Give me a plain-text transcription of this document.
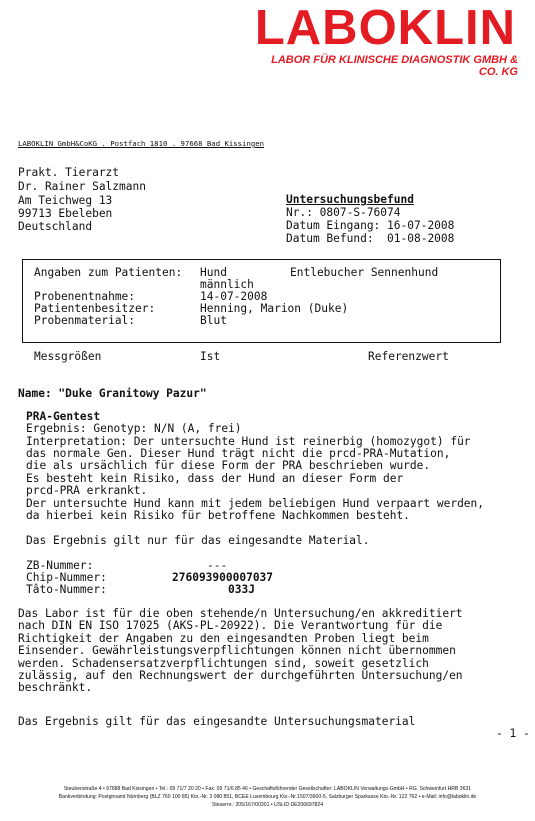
LABOKLIN
LABOR FÜR KLINISCHE DIAGNOSTIK GMBH & CO. KG
LABOKLIN GmbH&CoKG . Postfach 1810 . 97668 Bad Kissingen
Prakt. Tierarzt
Dr. Rainer Salzmann
Am Teichweg 13
99713 Ebeleben
Deutschland
Untersuchungsbefund
Nr.: 0807-S-76074
Datum Eingang: 16-07-2008
Datum Befund:  01-08-2008
Angaben zum Patienten: Hund	Entlebucher Sennenhund
männlich
Probenentnahme:	14-07-2008
Patientenbesitzer:	Henning, Marion (Duke)
Probenmaterial:	Blut
Messgrößen	Ist	Referenzwert
Name: "Duke Granitowy Pazur"
PRA-Gentest
Ergebnis: Genotyp: N/N (A, frei)
Interpretation: Der untersuchte Hund ist reinerbig (homozygot) für
das normale Gen. Dieser Hund trägt nicht die prcd-PRA-Mutation,
die als ursächlich für diese Form der PRA beschrieben wurde.
Es besteht kein Risiko, dass der Hund an dieser Form der
prcd-PRA erkrankt.
Der untersuchte Hund kann mit jedem beliebigen Hund verpaart werden,
da hierbei kein Risiko für betroffene Nachkommen besteht.
Das Ergebnis gilt nur für das eingesandte Material.
ZB-Nummer:	---
Chip-Nummer:	276093900007037
Tâto-Nummer:	033J
Das Labor ist für die oben stehende/n Untersuchung/en akkreditiert
nach DIN EN ISO 17025 (AKS-PL-20922). Die Verantwortung für die
Richtigkeit der Angaben zu den eingesandten Proben liegt beim
Einsender. Gewährleistungsverpflichtungen können nicht übernommen
werden. Schadensersatzverpflichtungen sind, soweit gesetzlich
zulässig, auf den Rechnungswert der durchgeführten Untersuchung/en
beschränkt.
Das Ergebnis gilt für das eingesandte Untersuchungsmaterial
- 1 -
Steubenstraße 4 • 97688 Bad Kissingen • Tel.: 09 71/7 20 20 • Fax: 09 71/6 85 46 • Geschäftsführender Gesellschafter: LABOKLIN Verwaltungs-GmbH • RG. Schweinfurt HRB 3631
Bankverbindung: Postgiroamt Nürnberg (BLZ 760 100 85) Kto.-Nr. 3 080 851, BCEE Luxembourg Kto.-Nr.1507/3600-5, Salzburger Sparkasse Kto.-Nr. 122 762 • e-Mail: info@laboklin.de
Steuernr.: 205/167/00301 • USt.ID DE206697824
